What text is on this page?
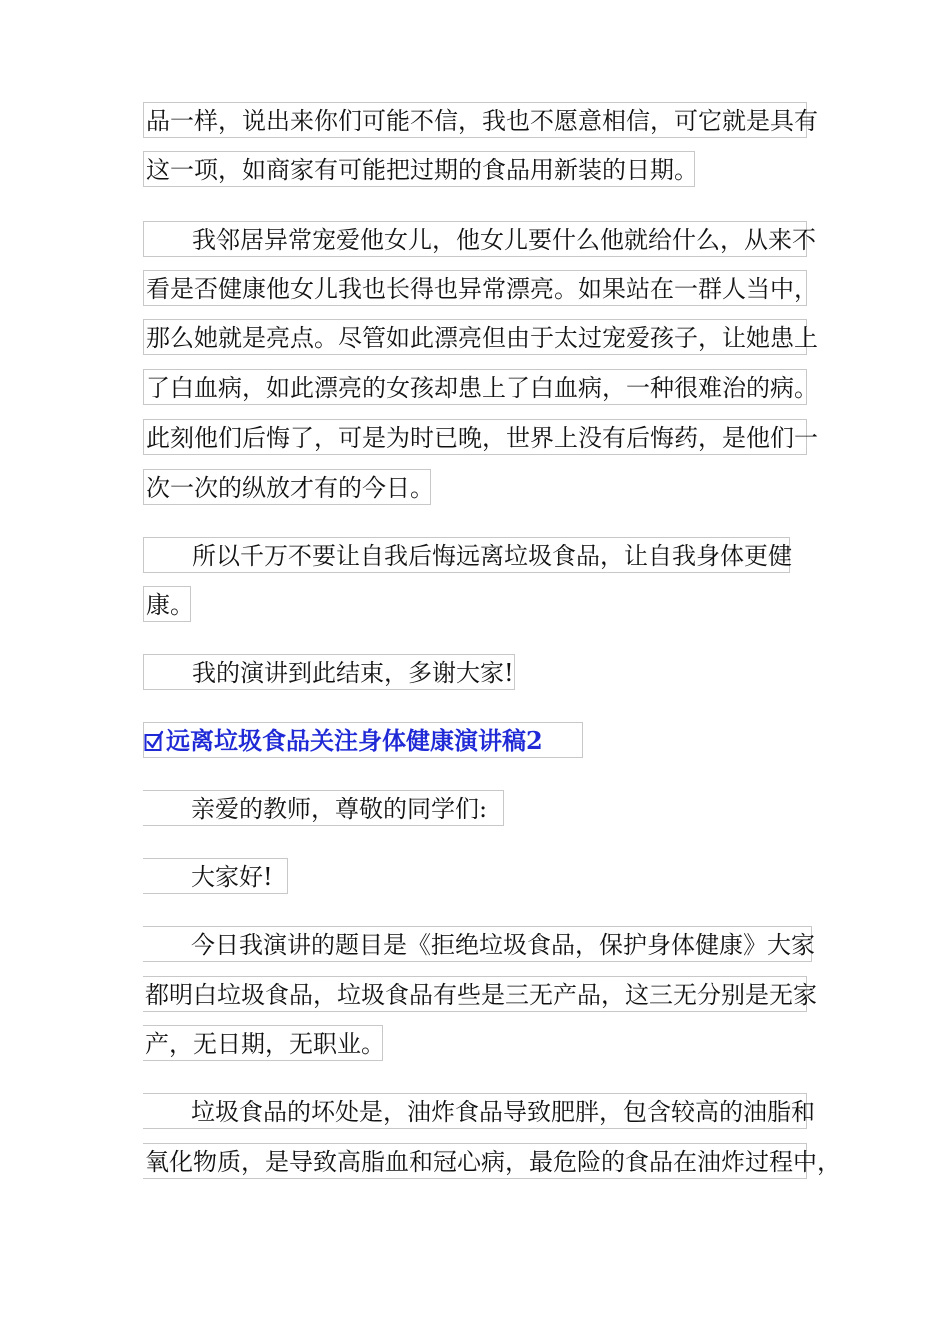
品一样，说出来你们可能不信，我也不愿意相信，可它就是具有
这一项，如商家有可能把过期的食品用新装的日期。
我邻居异常宠爱他女儿，他女儿要什么他就给什么，从来不
看是否健康他女儿我也长得也异常漂亮。如果站在一群人当中，
那么她就是亮点。尽管如此漂亮但由于太过宠爱孩子，让她患上
了白血病，如此漂亮的女孩却患上了白血病，一种很难治的病。
此刻他们后悔了，可是为时已晚，世界上没有后悔药，是他们一
次一次的纵放才有的今日。
所以千万不要让自我后悔远离垃圾食品，让自我身体更健
康。
我的演讲到此结束，多谢大家!
远离垃圾食品关注身体健康演讲稿2
亲爱的教师，尊敬的同学们:
大家好!
今日我演讲的题目是《拒绝垃圾食品，保护身体健康》大家
都明白垃圾食品，垃圾食品有些是三无产品，这三无分别是无家
产，无日期，无职业。
垃圾食品的坏处是，油炸食品导致肥胖，包含较高的油脂和
氧化物质，是导致高脂血和冠心病，最危险的食品在油炸过程中，
